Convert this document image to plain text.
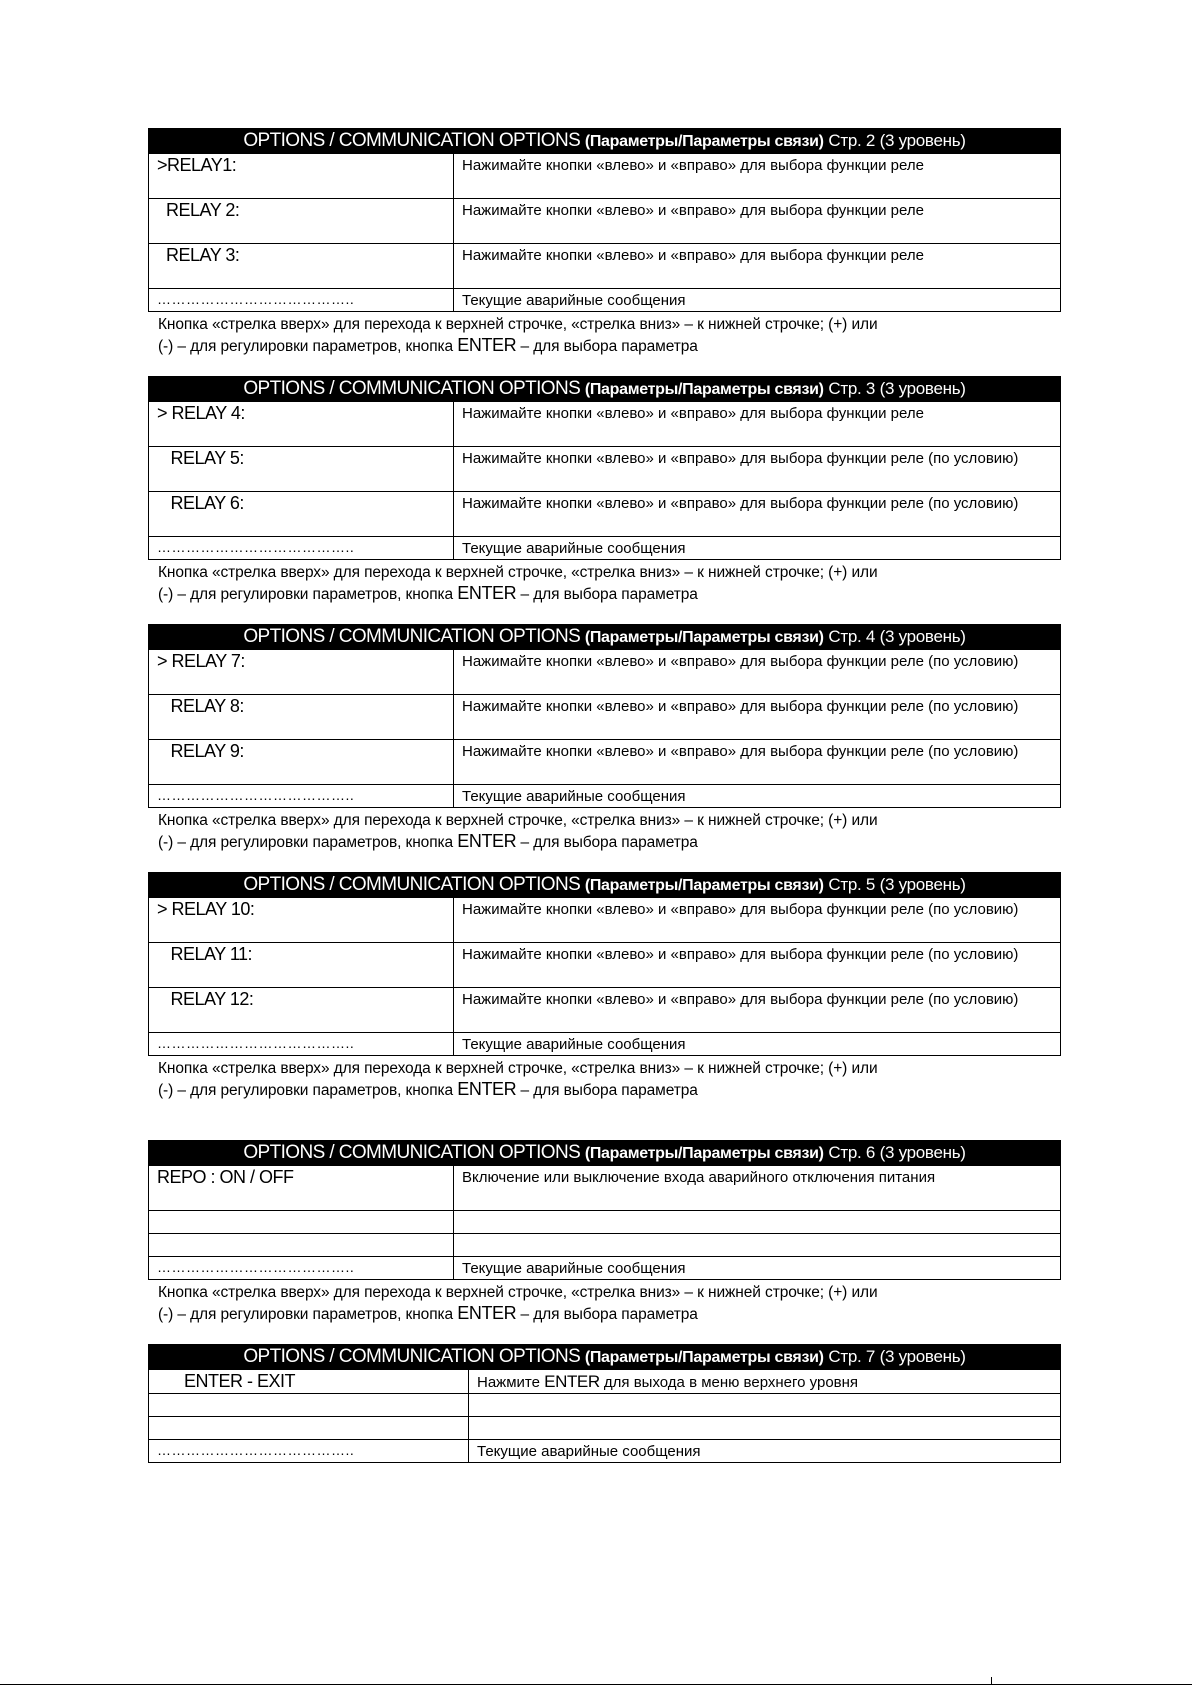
OPTIONS / COMMUNICATION OPTIONS (Параметры/Параметры связи) Стр. 2 (3 уровень)	
>RELAY1:	Нажимайте кнопки «влево» и «вправо» для выбора функции реле
RELAY 2:	Нажимайте кнопки «влево» и «вправо» для выбора функции реле
RELAY 3:	Нажимайте кнопки «влево» и «вправо» для выбора функции реле
…………………………………..	Текущие аварийные сообщения
Кнопка «стрелка вверх» для перехода к верхней строчке, «стрелка вниз» – к нижней строчке; (+) или
(-) – для регулировки параметров, кнопка ENTER – для выбора параметра
OPTIONS / COMMUNICATION OPTIONS (Параметры/Параметры связи) Стр. 3 (3 уровень)	
> RELAY 4:	Нажимайте кнопки «влево» и «вправо» для выбора функции реле
RELAY 5:	Нажимайте кнопки «влево» и «вправо» для выбора функции реле (по условию)
RELAY 6:	Нажимайте кнопки «влево» и «вправо» для выбора функции реле (по условию)
…………………………………..	Текущие аварийные сообщения
Кнопка «стрелка вверх» для перехода к верхней строчке, «стрелка вниз» – к нижней строчке; (+) или
(-) – для регулировки параметров, кнопка ENTER – для выбора параметра
OPTIONS / COMMUNICATION OPTIONS (Параметры/Параметры связи) Стр. 4 (3 уровень)	
> RELAY 7:	Нажимайте кнопки «влево» и «вправо» для выбора функции реле (по условию)
RELAY 8:	Нажимайте кнопки «влево» и «вправо» для выбора функции реле (по условию)
RELAY 9:	Нажимайте кнопки «влево» и «вправо» для выбора функции реле (по условию)
…………………………………..	Текущие аварийные сообщения
Кнопка «стрелка вверх» для перехода к верхней строчке, «стрелка вниз» – к нижней строчке; (+) или
(-) – для регулировки параметров, кнопка ENTER – для выбора параметра
OPTIONS / COMMUNICATION OPTIONS (Параметры/Параметры связи) Стр. 5 (3 уровень)	
> RELAY 10:	Нажимайте кнопки «влево» и «вправо» для выбора функции реле (по условию)
RELAY 11:	Нажимайте кнопки «влево» и «вправо» для выбора функции реле (по условию)
RELAY 12:	Нажимайте кнопки «влево» и «вправо» для выбора функции реле (по условию)
…………………………………..	Текущие аварийные сообщения
Кнопка «стрелка вверх» для перехода к верхней строчке, «стрелка вниз» – к нижней строчке; (+) или
(-) – для регулировки параметров, кнопка ENTER – для выбора параметра
OPTIONS / COMMUNICATION OPTIONS (Параметры/Параметры связи) Стр. 6 (3 уровень)	
REPO : ON / OFF	Включение или выключение входа аварийного отключения питания

…………………………………..	Текущие аварийные сообщения
Кнопка «стрелка вверх» для перехода к верхней строчке, «стрелка вниз» – к нижней строчке; (+) или
(-) – для регулировки параметров, кнопка ENTER – для выбора параметра
OPTIONS / COMMUNICATION OPTIONS (Параметры/Параметры связи) Стр. 7 (3 уровень)	
ENTER - EXIT	Нажмите ENTER для выхода в меню верхнего уровня

…………………………………..	Текущие аварийные сообщения
